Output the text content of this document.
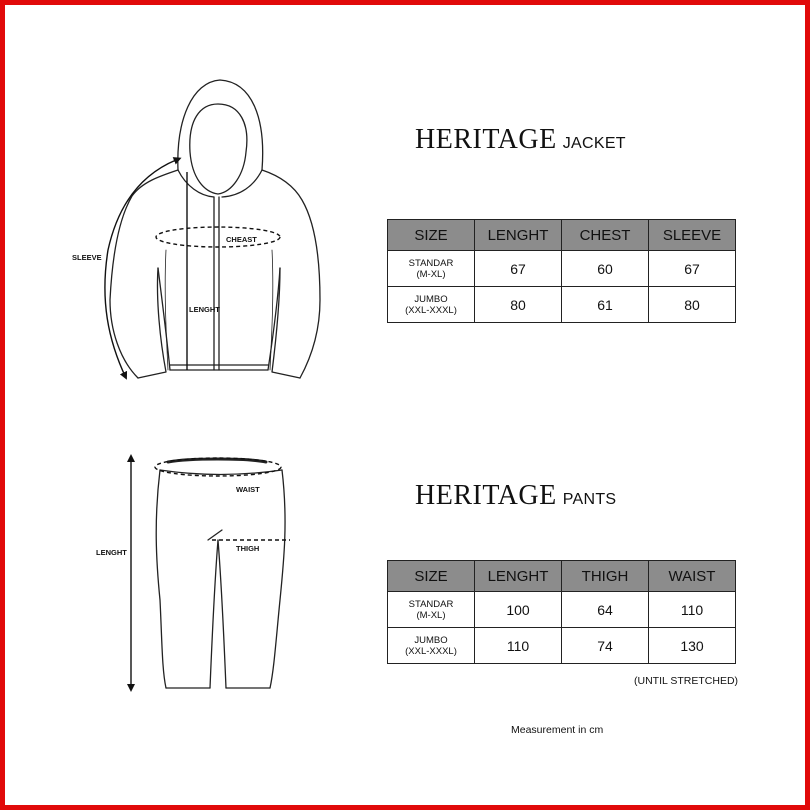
SLEEVE
CHEAST
LENGHT
WAIST
THIGH
LENGHT
HERITAGE JACKET
SIZE	LENGHT	CHEST	SLEEVE
STANDAR
(M-XL)	67	60	67
JUMBO
(XXL-XXXL)	80	61	80
HERITAGE PANTS
SIZE	LENGHT	THIGH	WAIST
STANDAR
(M-XL)	100	64	110
JUMBO
(XXL-XXXL)	110	74	130
(UNTIL STRETCHED)
Measurement in cm
